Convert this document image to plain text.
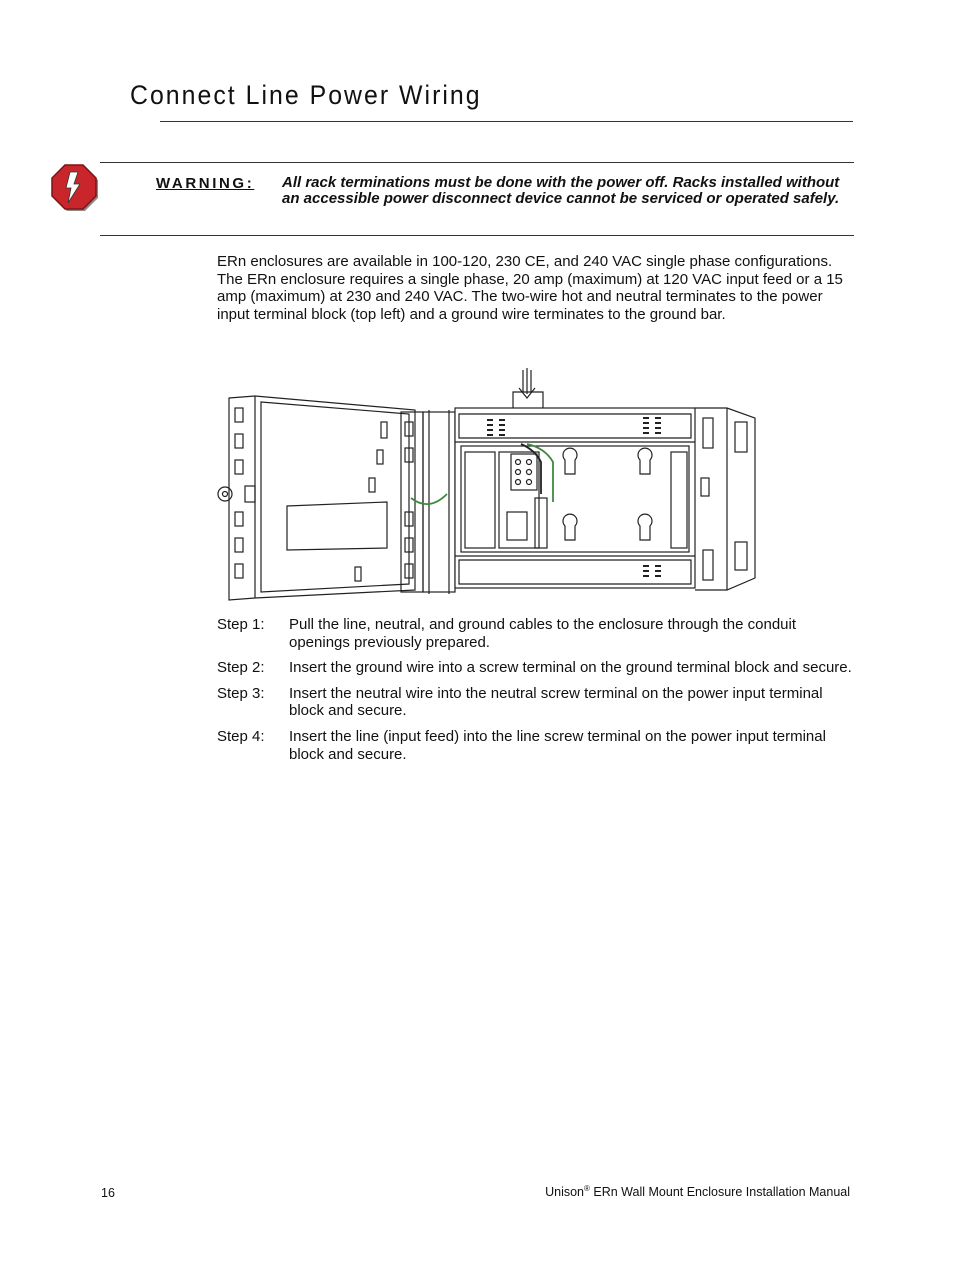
Connect Line Power Wiring
WARNING: All rack terminations must be done with the power off. Racks installed without an accessible power disconnect device cannot be serviced or operated safely.

ERn enclosures are available in 100-120, 230 CE, and 240 VAC single phase configurations. The ERn enclosure requires a single phase, 20 amp (maximum) at 120 VAC input feed or a 15 amp (maximum) at 230 and 240 VAC. The two-wire hot and neutral terminates to the power input terminal block (top left) and a ground wire terminates to the ground bar.

Step 1:	Pull the line, neutral, and ground cables to the enclosure through the conduit openings previously prepared.
Step 2:	Insert the ground wire into a screw terminal on the ground terminal block and secure.
Step 3:	Insert the neutral wire into the neutral screw terminal on the power input terminal block and secure.
Step 4:	Insert the line (input feed) into the line screw terminal on the power input terminal block and secure.
16	Unison® ERn Wall Mount Enclosure Installation Manual
